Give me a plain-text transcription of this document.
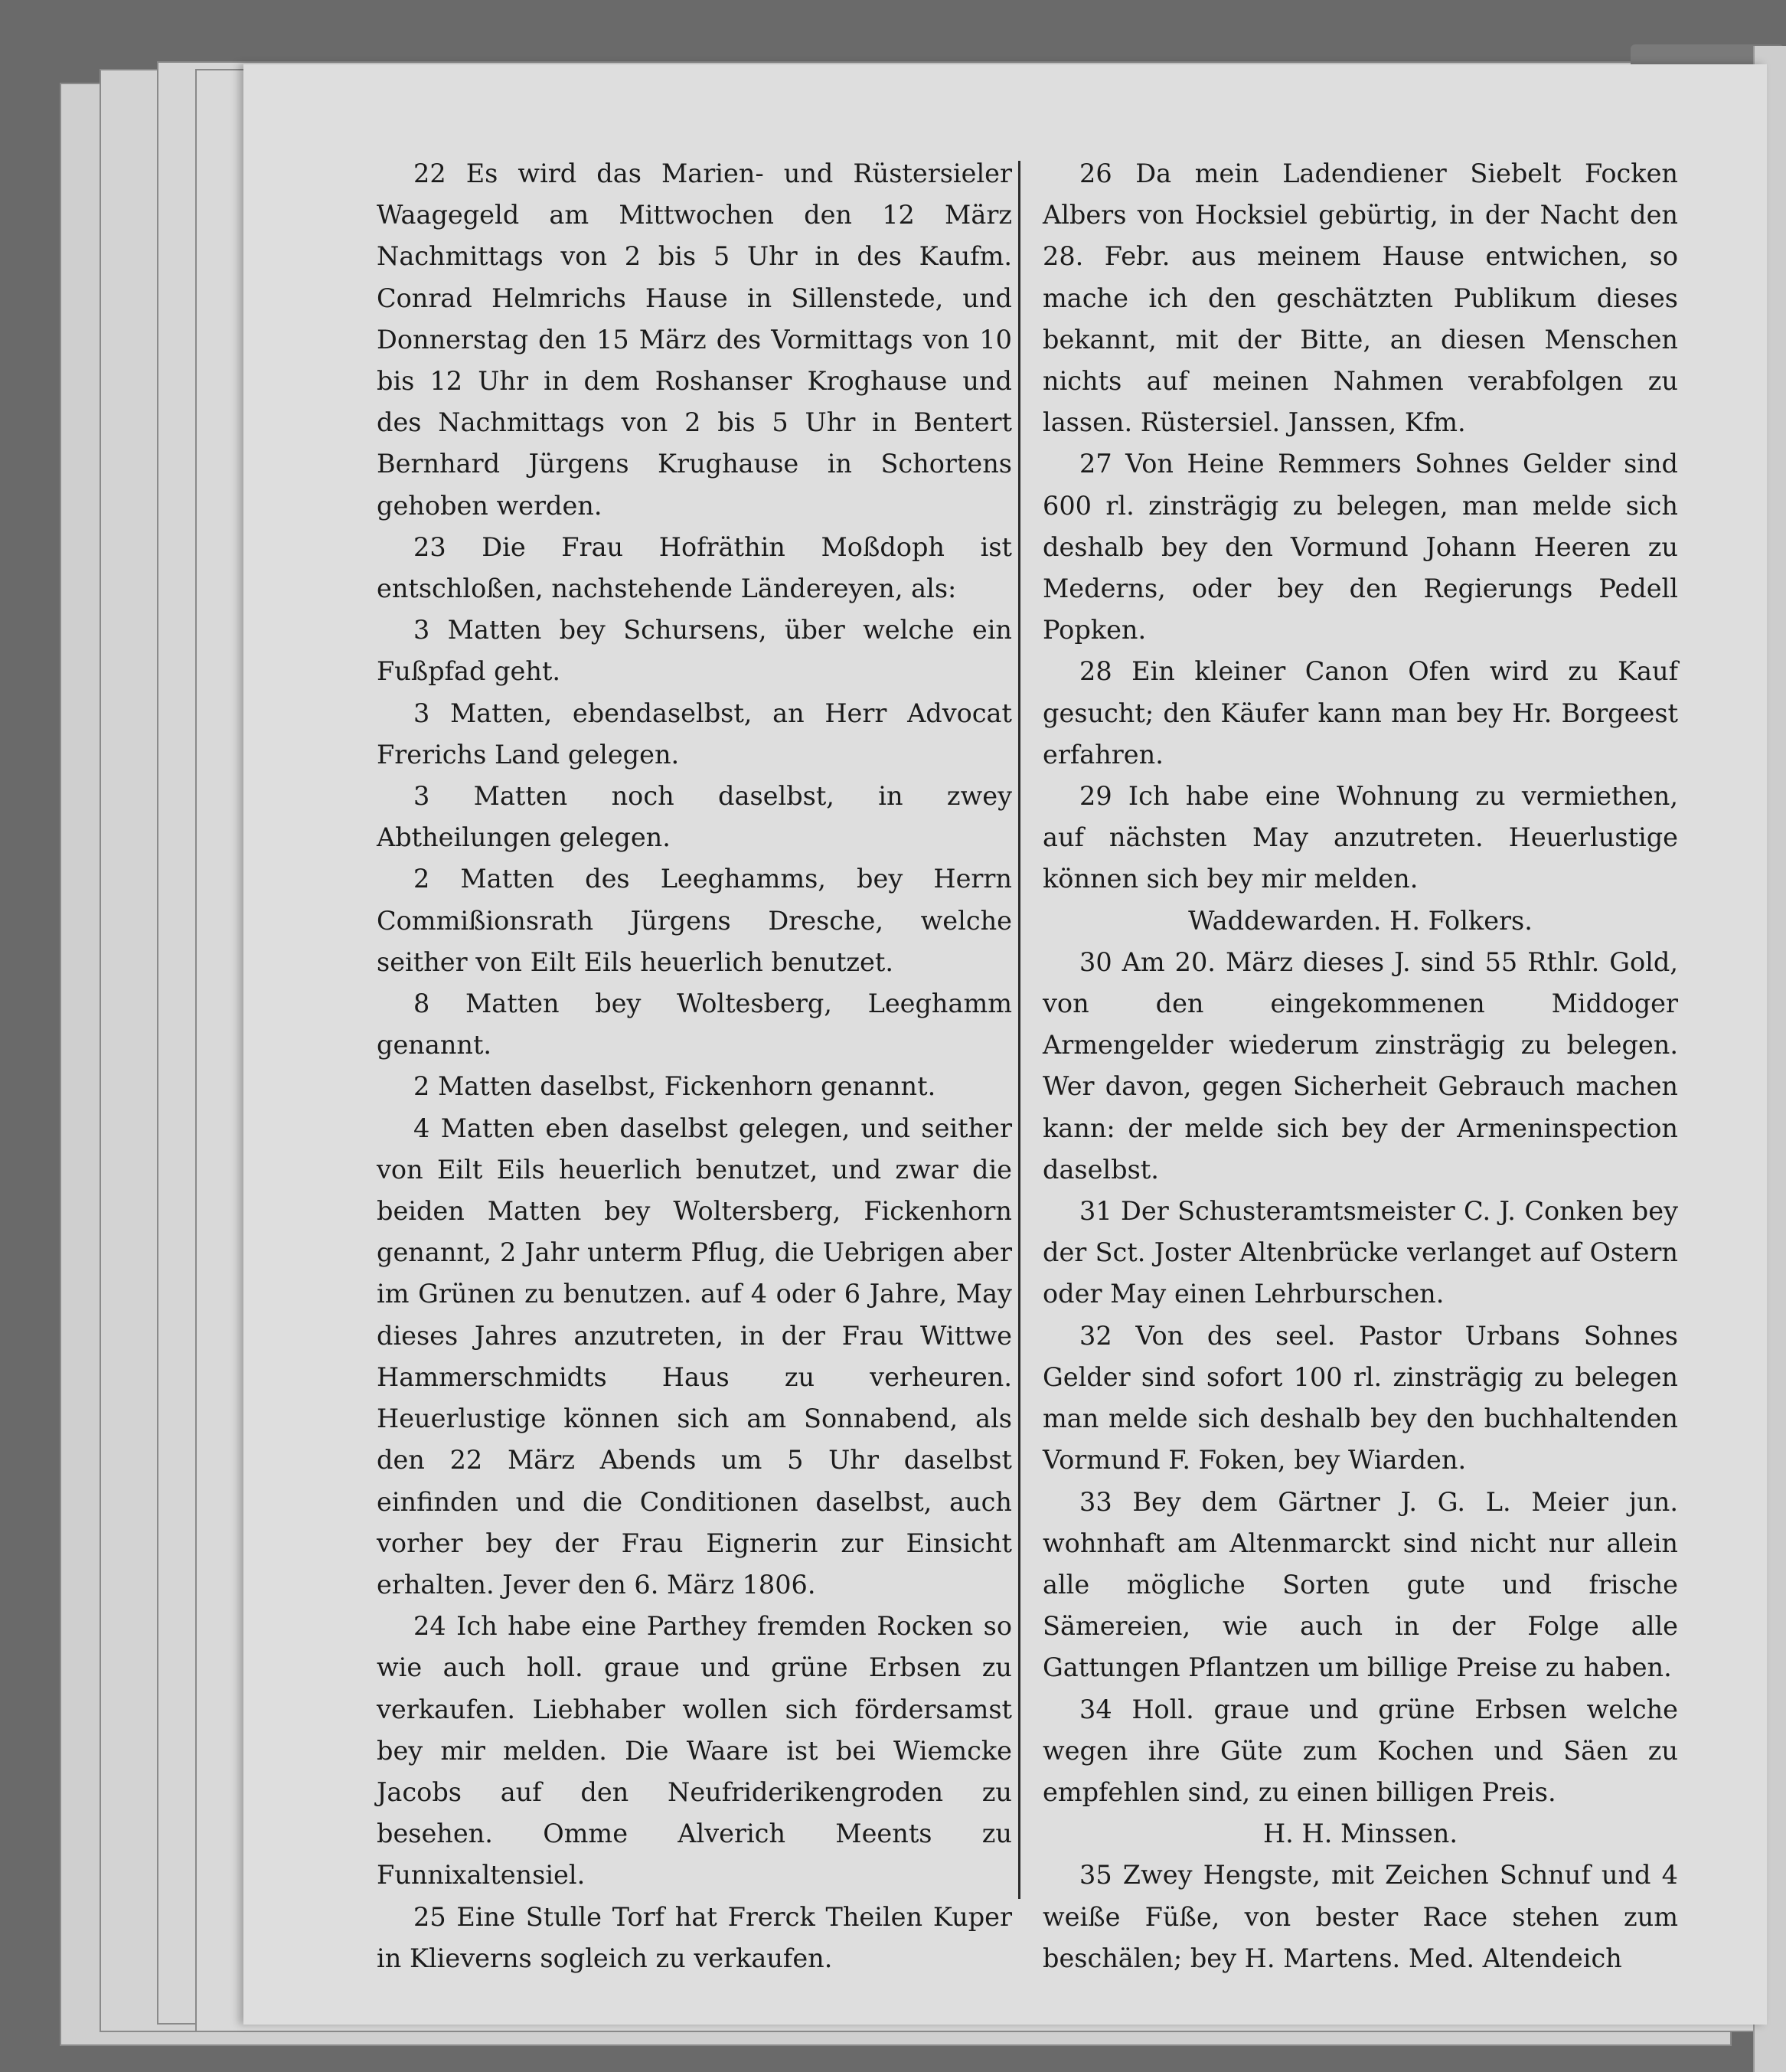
22 Es wird das Marien- und Rüstersieler Waagegeld am Mittwochen den 12 März Nachmittags von 2 bis 5 Uhr in des Kaufm. Conrad Helmrichs Hause in Sillenstede, und Donnerstag den 15 März des Vormittags von 10 bis 12 Uhr in dem Roshanser Kroghause und des Nachmittags von 2 bis 5 Uhr in Bentert Bernhard Jürgens Krughause in Schortens gehoben werden.

23 Die Frau Hofräthin Moßdoph ist entschloßen, nachstehende Ländereyen, als:

3 Matten bey Schursens, über welche ein Fußpfad geht.

3 Matten, ebendaselbst, an Herr Advocat Frerichs Land gelegen.

3 Matten noch daselbst, in zwey Abtheilungen gelegen.

2 Matten des Leeghamms, bey Herrn Commißionsrath Jürgens Dresche, welche seither von Eilt Eils heuerlich benutzet.

8 Matten bey Woltesberg, Leeghamm genannt.

2 Matten daselbst, Fickenhorn genannt.

4 Matten eben daselbst gelegen, und seither von Eilt Eils heuerlich benutzet, und zwar die beiden Matten bey Woltersberg, Fickenhorn genannt, 2 Jahr unterm Pflug, die Uebrigen aber im Grünen zu benutzen. auf 4 oder 6 Jahre, May dieses Jahres anzutreten, in der Frau Wittwe Hammerschmidts Haus zu verheuren. Heuerlustige können sich am Sonnabend, als den 22 März Abends um 5 Uhr daselbst einfinden und die Conditionen daselbst, auch vorher bey der Frau Eignerin zur Einsicht erhalten. Jever den 6. März 1806.

24 Ich habe eine Parthey fremden Rocken so wie auch holl. graue und grüne Erbsen zu verkaufen. Liebhaber wollen sich fördersamst bey mir melden. Die Waare ist bei Wiemcke Jacobs auf den Neufriderikengroden zu besehen. Omme Alverich Meents zu Funnixaltensiel.

25 Eine Stulle Torf hat Frerck Theilen Kuper in Klieverns sogleich zu verkaufen.

26 Da mein Ladendiener Siebelt Focken Albers von Hocksiel gebürtig, in der Nacht den 28. Febr. aus meinem Hause entwichen, so mache ich den geschätzten Publikum dieses bekannt, mit der Bitte, an diesen Menschen nichts auf meinen Nahmen verabfolgen zu lassen. Rüstersiel. Janssen, Kfm.

27 Von Heine Remmers Sohnes Gelder sind 600 rl. zinsträgig zu belegen, man melde sich deshalb bey den Vormund Johann Heeren zu Mederns, oder bey den Regierungs Pedell Popken.

28 Ein kleiner Canon Ofen wird zu Kauf gesucht; den Käufer kann man bey Hr. Borgeest erfahren.

29 Ich habe eine Wohnung zu vermiethen, auf nächsten May anzutreten. Heuerlustige können sich bey mir melden.

Waddewarden. H. Folkers.

30 Am 20. März dieses J. sind 55 Rthlr. Gold, von den eingekommenen Middoger Armengelder wiederum zinsträgig zu belegen. Wer davon, gegen Sicherheit Gebrauch machen kann: der melde sich bey der Armeninspection daselbst.

31 Der Schusteramtsmeister C. J. Conken bey der Sct. Joster Altenbrücke verlanget auf Ostern oder May einen Lehrburschen.

32 Von des seel. Pastor Urbans Sohnes Gelder sind sofort 100 rl. zinsträgig zu belegen man melde sich deshalb bey den buchhaltenden Vormund F. Foken, bey Wiarden.

33 Bey dem Gärtner J. G. L. Meier jun. wohnhaft am Altenmarckt sind nicht nur allein alle mögliche Sorten gute und frische Sämereien, wie auch in der Folge alle Gattungen Pflantzen um billige Preise zu haben.

34 Holl. graue und grüne Erbsen welche wegen ihre Güte zum Kochen und Säen zu empfehlen sind, zu einen billigen Preis.

H. H. Minssen.

35 Zwey Hengste, mit Zeichen Schnuf und 4 weiße Füße, von bester Race stehen zum beschälen; bey H. Martens. Med. Altendeich
